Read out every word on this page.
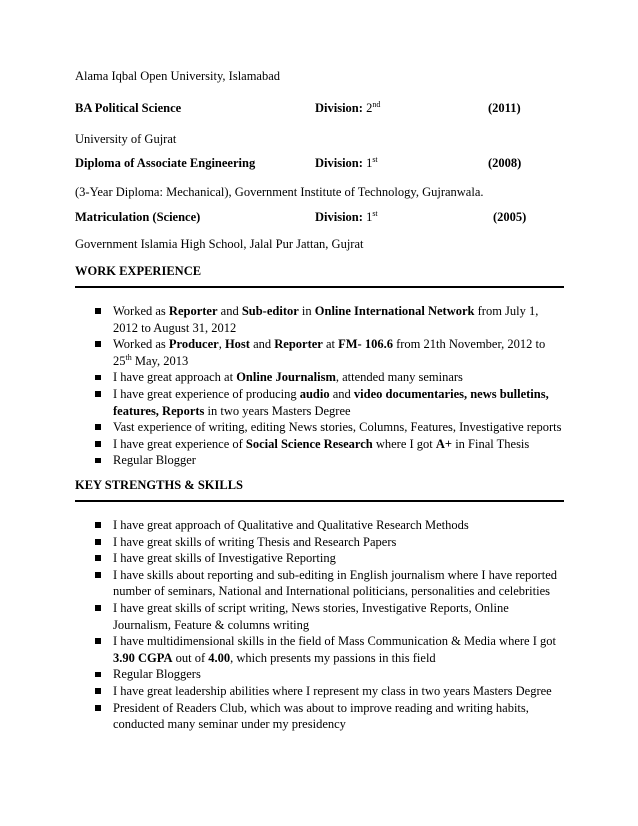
Alama Iqbal Open University, Islamabad
BA Political Science	Division: 2nd	(2011)
University of Gujrat
Diploma of Associate Engineering	Division: 1st	(2008)
(3-Year Diploma: Mechanical), Government Institute of Technology, Gujranwala.
Matriculation (Science)	Division: 1st	(2005)
Government Islamia High School, Jalal Pur Jattan, Gujrat
WORK EXPERIENCE
Worked as Reporter and Sub-editor in Online International Network from July 1,
2012 to August 31, 2012
Worked as Producer, Host and Reporter at FM- 106.6 from 21th November, 2012 to
25th May, 2013
I have great approach at Online Journalism, attended many seminars
I have great experience of producing audio and video documentaries, news bulletins,
features, Reports in two years Masters Degree
Vast experience of writing, editing News stories, Columns, Features, Investigative reports
I have great experience of Social Science Research where I got A+ in Final Thesis
Regular Blogger
KEY STRENGTHS & SKILLS
I have great approach of Qualitative and Qualitative Research Methods
I have great skills of writing Thesis and Research Papers
I have great skills of Investigative Reporting
I have skills about reporting and sub-editing in English journalism where I have reported
number of seminars, National and International politicians, personalities and celebrities
I have great skills of script writing, News stories, Investigative Reports, Online
Journalism, Feature & columns writing
I have multidimensional skills in the field of Mass Communication & Media where I got
3.90 CGPA out of 4.00, which presents my passions in this field
Regular Bloggers
I have great leadership abilities where I represent my class in two years Masters Degree
President of Readers Club, which was about to improve reading and writing habits,
conducted many seminar under my presidency
